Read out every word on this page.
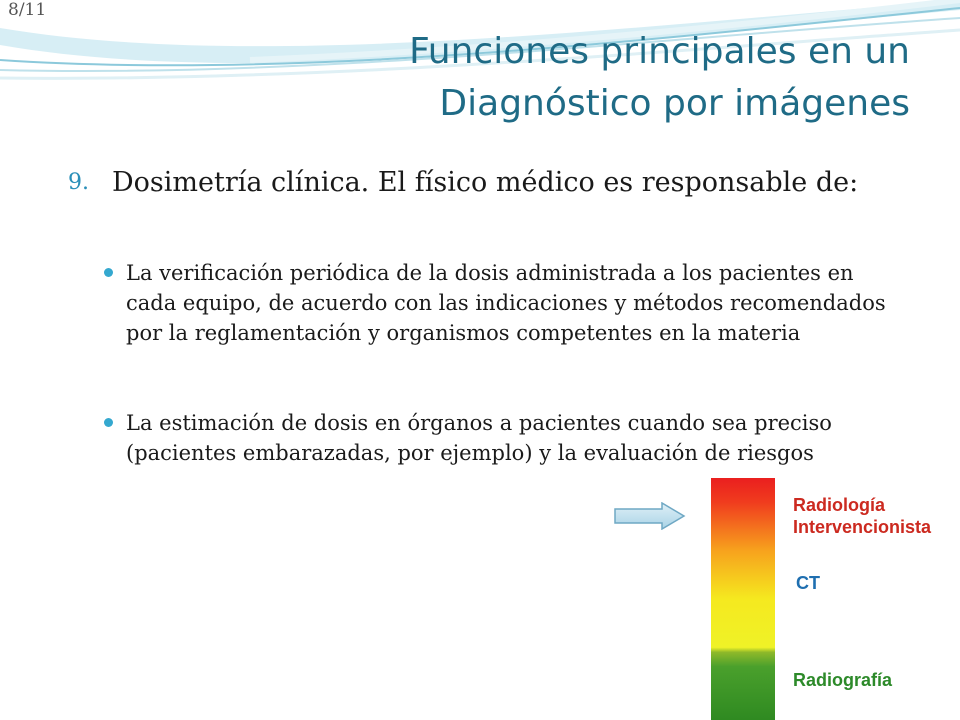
8/11
Funciones principales en un
Diagnóstico por imágenes
9. Dosimetría clínica. El físico médico es responsable de:
La verificación periódica de la dosis administrada a los pacientes en cada equipo, de acuerdo con las indicaciones y métodos recomendados por la reglamentación y organismos competentes en la materia
La estimación de dosis en órganos a pacientes cuando sea preciso (pacientes embarazadas, por ejemplo) y la evaluación de riesgos
Radiología
Intervencionista
CT
Radiografía
